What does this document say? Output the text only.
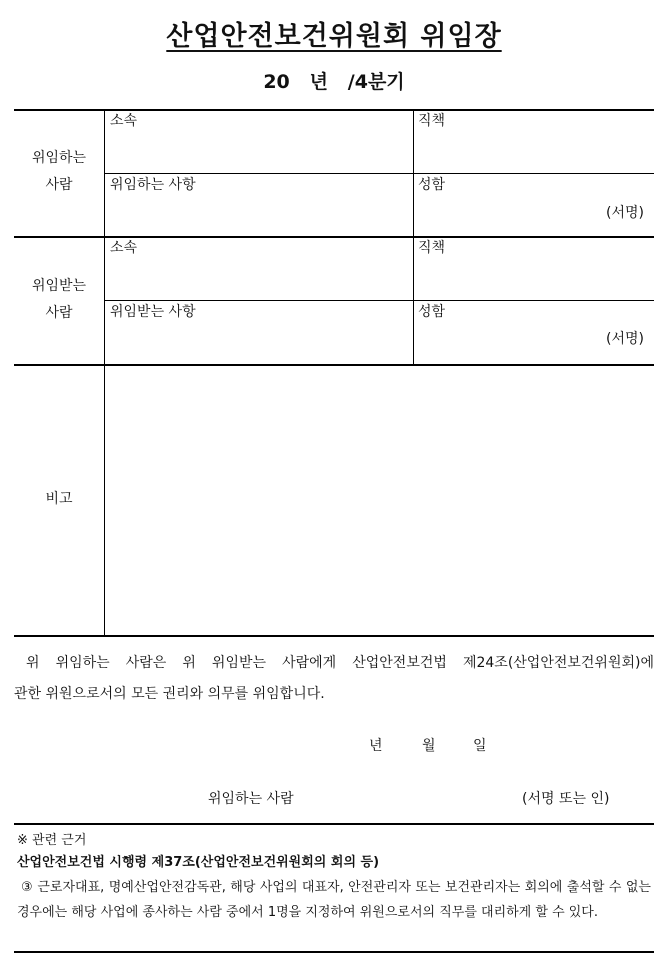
산업안전보건위원회 위임장
20   년   /4분기
위임하는
사람
소속	직책
위임하는 사항	성함
(서명)
위임받는
사람
소속	직책
위임받는 사항	성함
(서명)
비고
위 위임하는 사람은 위 위임받는 사람에게 산업안전보건법 제24조(산업안전보건위원회)에
관한 위원으로서의 모든 권리와 의무를 위임합니다.
년	월	일
위임하는 사람	(서명 또는 인)
※ 관련 근거
산업안전보건법 시행령 제37조(산업안전보건위원회의 회의 등)
③ 근로자대표, 명예산업안전감독관, 해당 사업의 대표자, 안전관리자 또는 보건관리자는 회의에 출석할 수 없는 경우에는 해당 사업에 종사하는 사람 중에서 1명을 지정하여 위원으로서의 직무를 대리하게 할 수 있다.
